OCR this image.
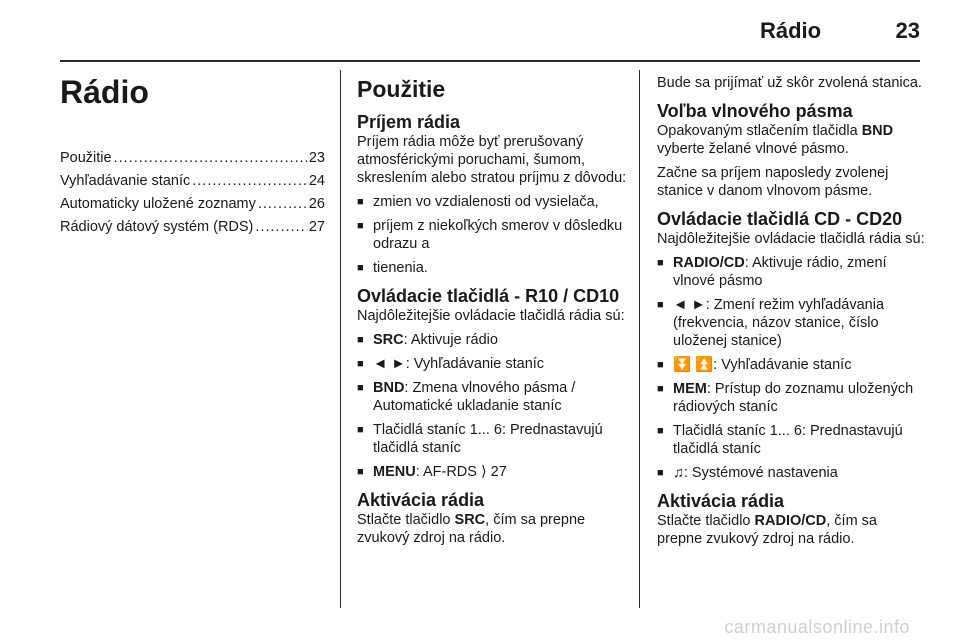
Rádio	23
Rádio
Použitie .....	23
Vyhľadávanie staníc .....	24
Automaticky uložené zoznamy .....	26
Rádiový dátový systém (RDS) .....	27
Použitie
Príjem rádia
Príjem rádia môže byť prerušovaný atmosférickými poruchami, šumom, skreslením alebo stratou príjmu z dôvodu:
■ zmien vo vzdialenosti od vysielača,
■ príjem z niekoľkých smerov v dôsledku odrazu a
■ tienenia.
Ovládacie tlačidlá - R10 / CD10
Najdôležitejšie ovládacie tlačidlá rádia sú:
■ SRC: Aktivuje rádio
■ ◄ ►: Vyhľadávanie staníc
■ BND: Zmena vlnového pásma / Automatické ukladanie staníc
■ Tlačidlá staníc 1... 6: Prednastavujú tlačidlá staníc
■ MENU: AF-RDS ⟩ 27
Aktivácia rádia
Stlačte tlačidlo SRC, čím sa prepne zvukový zdroj na rádio.
Bude sa prijímať už skôr zvolená stanica.
Voľba vlnového pásma
Opakovaným stlačením tlačidla BND vyberte želané vlnové pásmo.
Začne sa príjem naposledy zvolenej stanice v danom vlnovom pásme.
Ovládacie tlačidlá CD - CD20
Najdôležitejšie ovládacie tlačidlá rádia sú:
■ RADIO/CD: Aktivuje rádio, zmení vlnové pásmo
■ ◄ ►: Zmení režim vyhľadávania (frekvencia, názov stanice, číslo uloženej stanice)
■ ⏬ ⏫: Vyhľadávanie staníc
■ MEM: Prístup do zoznamu uložených rádiových staníc
■ Tlačidlá staníc 1... 6: Prednastavujú tlačidlá staníc
■ ♫: Systémové nastavenia
Aktivácia rádia
Stlačte tlačidlo RADIO/CD, čím sa prepne zvukový zdroj na rádio.
carmanualsonline.info
